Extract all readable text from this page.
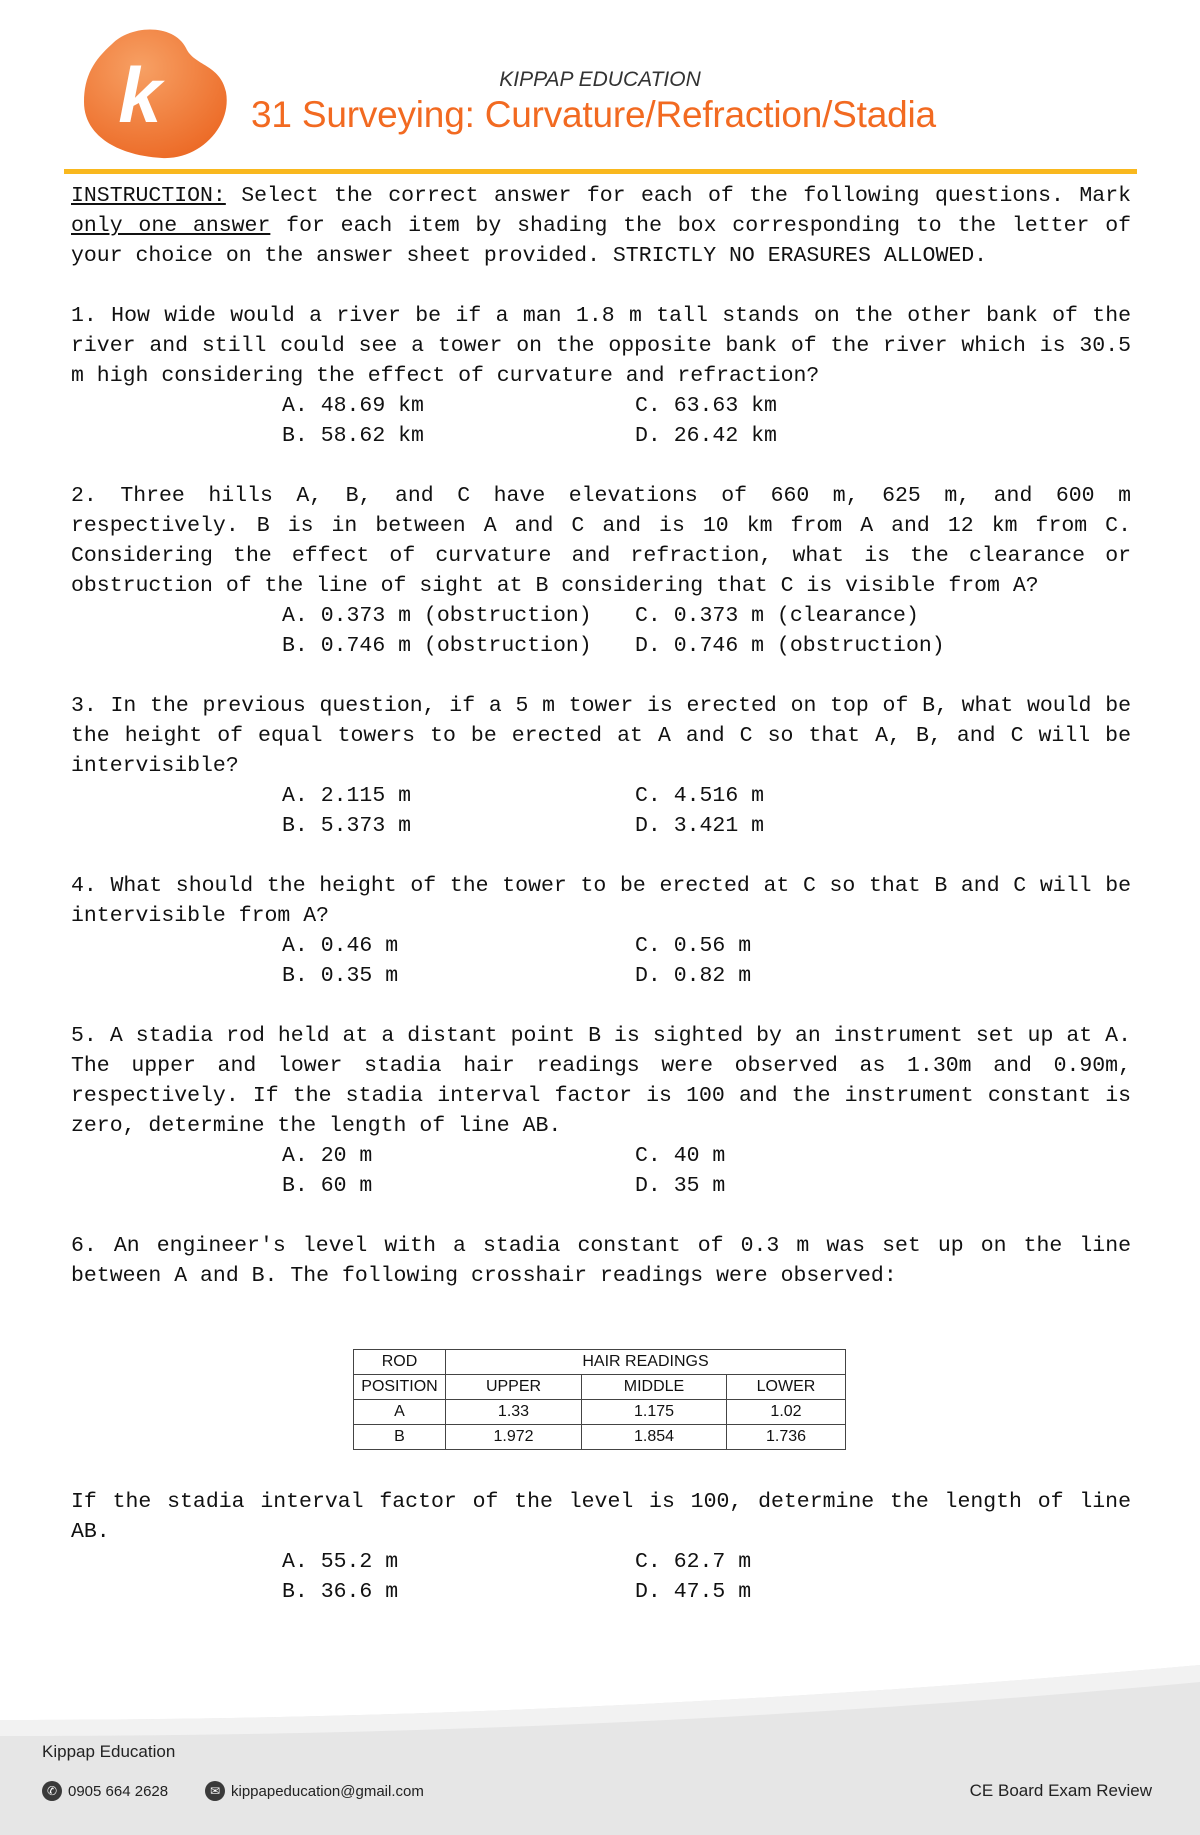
k	KIPPAP EDUCATION
31 Surveying: Curvature/Refraction/Stadia
INSTRUCTION: Select the correct answer for each of the following questions. Mark only one answer for each item by shading the box corresponding to the letter of your choice on the answer sheet provided. STRICTLY NO ERASURES ALLOWED.
1. How wide would a river be if a man 1.8 m tall stands on the other bank of the river and still could see a tower on the opposite bank of the river which is 30.5 m high considering the effect of curvature and refraction?
A. 48.69 km	C. 63.63 km
B. 58.62 km	D. 26.42 km
2. Three hills A, B, and C have elevations of 660 m, 625 m, and 600 m respectively. B is in between A and C and is 10 km from A and 12 km from C. Considering the effect of curvature and refraction, what is the clearance or obstruction of the line of sight at B considering that C is visible from A?
A. 0.373 m (obstruction)	C. 0.373 m (clearance)
B. 0.746 m (obstruction)	D. 0.746 m (obstruction)
3. In the previous question, if a 5 m tower is erected on top of B, what would be the height of equal towers to be erected at A and C so that A, B, and C will be intervisible?
A. 2.115 m	C. 4.516 m
B. 5.373 m	D. 3.421 m
4. What should the height of the tower to be erected at C so that B and C will be intervisible from A?
A. 0.46 m	C. 0.56 m
B. 0.35 m	D. 0.82 m
5. A stadia rod held at a distant point B is sighted by an instrument set up at A. The upper and lower stadia hair readings were observed as 1.30m and 0.90m, respectively. If the stadia interval factor is 100 and the instrument constant is zero, determine the length of line AB.
A. 20 m	C. 40 m
B. 60 m	D. 35 m
6. An engineer's level with a stadia constant of 0.3 m was set up on the line between A and B. The following crosshair readings were observed:
ROD	HAIR READINGS		
POSITION	UPPER	MIDDLE	LOWER
A	1.33	1.175	1.02
B	1.972	1.854	1.736
If the stadia interval factor of the level is 100, determine the length of line AB.
A. 55.2 m	C. 62.7 m
B. 36.6 m	D. 47.5 m
Kippap Education
✆ 0905 664 2628	✉ kippapeducation@gmail.com	CE Board Exam Review
